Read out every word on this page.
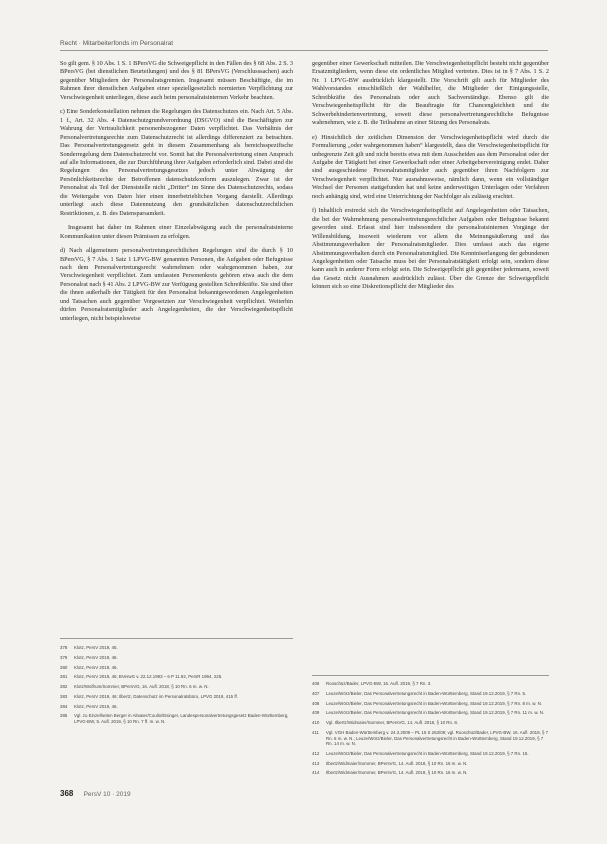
Recht · Mitarbeiterfonds im Personalrat

So gilt gem. § 10 Abs. 1 S. 1 BPersVG die Schweigepflicht in den Fällen des § 68 Abs. 2 S. 3 BPersVG (bei dienstlichen Beurteilungen) und des § 81 BPersVG (Verschlusssachen) auch gegenüber Mitgliedern der Personalratsgremien. Insgesamt müssen Beschäftigte, die im Rahmen ihrer dienstlichen Aufgaben einer speziellgesetzlich normierten Verpflichtung zur Verschwiegenheit unterliegen, diese auch beim personalratsinternen Verkehr beachten.

c) Eine Sonderkonstellation nehmen die Regelungen des Datenschutzes ein. Nach Art. 5 Abs. 1 f., Art. 32 Abs. 4 Datenschutzgrundverordnung (DSGVO) sind die Beschäftigten zur Wahrung der Vertraulichkeit personenbezogener Daten verpflichtet. Das Verhältnis der Personalvertretungsrechte zum Datenschutzrecht ist allerdings differenziert zu betrachten. Das Personalvertretungsgesetz geht in diesem Zusammenhang als bereichsspezifische Sonderregelung dem Datenschutzrecht vor. Somit hat die Personalvertretung einen Anspruch auf alle Informationen, die zur Durchführung ihrer Aufgaben erforderlich sind. Dabei sind die Regelungen des Personalvertretungsgesetzes jedoch unter Abwägung der Persönlichkeitsrechte der Betroffenen datenschutzkonform auszulegen. Zwar ist der Personalrat als Teil der Dienststelle nicht „Dritter“ im Sinne des Datenschutzrechts, sodass die Weitergabe von Daten hier einen innerbetrieblichen Vorgang darstellt. Allerdings unterliegt auch diese Datennutzung den grundsätzlichen datenschutzrechtlichen Restriktionen, z. B. des Datensparsamkeit.

Insgesamt hat daher im Rahmen einer Einzelabwägung auch die personalratsinterne Kommunikation unter diesen Prämissen zu erfolgen.

d) Nach allgemeinem personalvertretungsrechtlichen Regelungen sind die durch § 10 BPersVG, § 7 Abs. 1 Satz 1 LPVG-BW genannten Personen, die Aufgaben oder Befugnisse nach dem Personalvertretungsrecht wahrnehmen oder wahrgenommen haben, zur Verschwiegenheit verpflichtet. Zum umfassten Personenkreis gehören etwa auch die dem Personalrat nach § 41 Abs. 2 LPVG-BW zur Verfügung gestellten Schreibkräfte. Sie sind über die ihnen außerhalb der Tätigkeit für den Personalrat bekanntgewordenen Angelegenheiten und Tatsachen auch gegenüber Vorgesetzten zur Verschwiegenheit verpflichtet. Weiterhin dürfen Personalratsmitglieder auch Angelegenheiten, die der Verschwiegenheitspflicht unterliegen, nicht beispielsweise

gegenüber einer Gewerkschaft mitteilen. Die Verschwiegenheitspflicht besteht nicht gegenüber Ersatzmitgliedern, wenn diese ein ordentliches Mitglied vertreten. Dies ist in § 7 Abs. 1 S. 2 Nr. 1 LPVG-BW ausdrücklich klargestellt. Die Vorschrift gilt auch für Mitglieder des Wahlvorstandes einschließlich der Wahlhelfer, die Mitglieder der Einigungsstelle, Schreibkräfte des Personalrats oder auch Sachverständige. Ebenso gilt die Verschwiegenheitspflicht für die Beauftragte für Chancengleichheit und die Schwerbehindertenvertretung, soweit diese personalvertretungsrechtliche Befugnisse wahrnehmen, wie z. B. die Teilnahme an einer Sitzung des Personalrats.

e) Hinsichtlich der zeitlichen Dimension der Verschwiegenheitspflicht wird durch die Formulierung „oder wahrgenommen haben“ klargestellt, dass die Verschwiegenheitspflicht für unbegrenzte Zeit gilt und nicht bereits etwa mit dem Ausscheiden aus dem Personalrat oder der Aufgabe der Tätigkeit bei einer Gewerkschaft oder einer Arbeitgebervereinigung endet. Daher sind ausgeschiedene Personalratsmitglieder auch gegenüber ihren Nachfolgern zur Verschwiegenheit verpflichtet. Nur ausnahmsweise, nämlich dann, wenn ein vollständiger Wechsel der Personen stattgefunden hat und keine anderweitigen Unterlagen oder Verfahren noch anhängig sind, wird eine Unterrichtung der Nachfolger als zulässig erachtet.

f) Inhaltlich erstreckt sich die Verschwiegenheitspflicht auf Angelegenheiten oder Tatsachen, die bei der Wahrnehmung personalvertretungsrechtlicher Aufgaben oder Befugnisse bekannt geworden sind. Erfasst sind hier insbesondere die personalratsinternen Vorgänge der Willensbildung, insoweit wiederum vor allem die Meinungsäußerung und das Abstimmungsverhalten der Personalratsmitglieder. Dies umfasst auch das eigene Abstimmungsverhalten durch ein Personalratsmitglied. Die Kenntniserlangung der gebundenen Angelegenheiten oder Tatsache muss bei der Personalratstätigkeit erfolgt sein, sondern diese kann auch in anderer Form erfolgt sein. Die Schweigepflicht gilt gegenüber jedermann, soweit das Gesetz nicht Ausnahmen ausdrücklich zulässt. Über die Grenze der Schweigepflicht können sich so eine Diskretionspflicht der Mitglieder des

378	Klotz, PersV 2019, 45.
379	Klotz, PersV 2019, 46.
380	Klotz, PersV 2019, 46.
381	Klotz, PersV 2019, 46; BVerwG v. 22.12.1993 – 6 P 11.92, PersR 1994, 225.
382	Klotz/Wolfrum/Sommer, BPersVG, 16. Aufl. 2018, § 10 Rn. 6 m. w. N.
383	Klotz, PersV 2019, 46; Ilbertz, Datenschutz im Personalratsbüro, LPVG 2019, 415 ff.
384	Klotz, PersV 2019, 46.
385	Vgl. zu Einzelheiten Berger in Altvater/Coulin/Eisinger, Landespersonalvertretungsgesetz Baden-Württemberg, LPVG-BW, 5. Aufl. 2019, § 10 Rn. 7 ff. m. w. N.
406	Rooschüz/Bader, LPVG-BW, 16. Aufl. 2019, § 7 Rn. 3.
407	Leuze/Wörz/Bieler, Das Personalvertretungsrecht in Baden-Württemberg, Stand 19.12.2019, § 7 Rn. 5.
408	Leuze/Wörz/Bieler, Das Personalvertretungsrecht in Baden-Württemberg, Stand 19.12.2019, § 7 Rn. 8 m. w. N.
409	Leuze/Wörz/Bieler, Das Personalvertretungsrecht in Baden-Württemberg, Stand 19.12.2019, § 7 Rn. 11 m. w. N.
410	Vgl. Ilbertz/Widmaier/Sommer, BPersVG, 14. Aufl. 2018, § 10 Rn. 8.
411	Vgl. VGH Baden-Württemberg v. 24.3.2009 – PL 15 S 263/08; vgl. Rooschüz/Bader, LPVG-BW, 16. Aufl. 2019, § 7 Rn. 6 m. w. N.; Leuze/Wörz/Bieler, Das Personalvertretungsrecht in Baden-Württemberg, Stand 19.12.2019, § 7 Rn. 14 m. w. N.
412	Leuze/Wörz/Bieler, Das Personalvertretungsrecht in Baden-Württemberg, Stand 19.12.2019, § 7 Rn. 15.
413	Ilbertz/Widmaier/Sommer, BPersVG, 14. Aufl. 2018, § 10 Rn. 16 m. w. N.
414	Ilbertz/Widmaier/Sommer, BPersVG, 14. Aufl. 2018, § 10 Rn. 16 m. w. N.
368 PersV 10 · 2019
